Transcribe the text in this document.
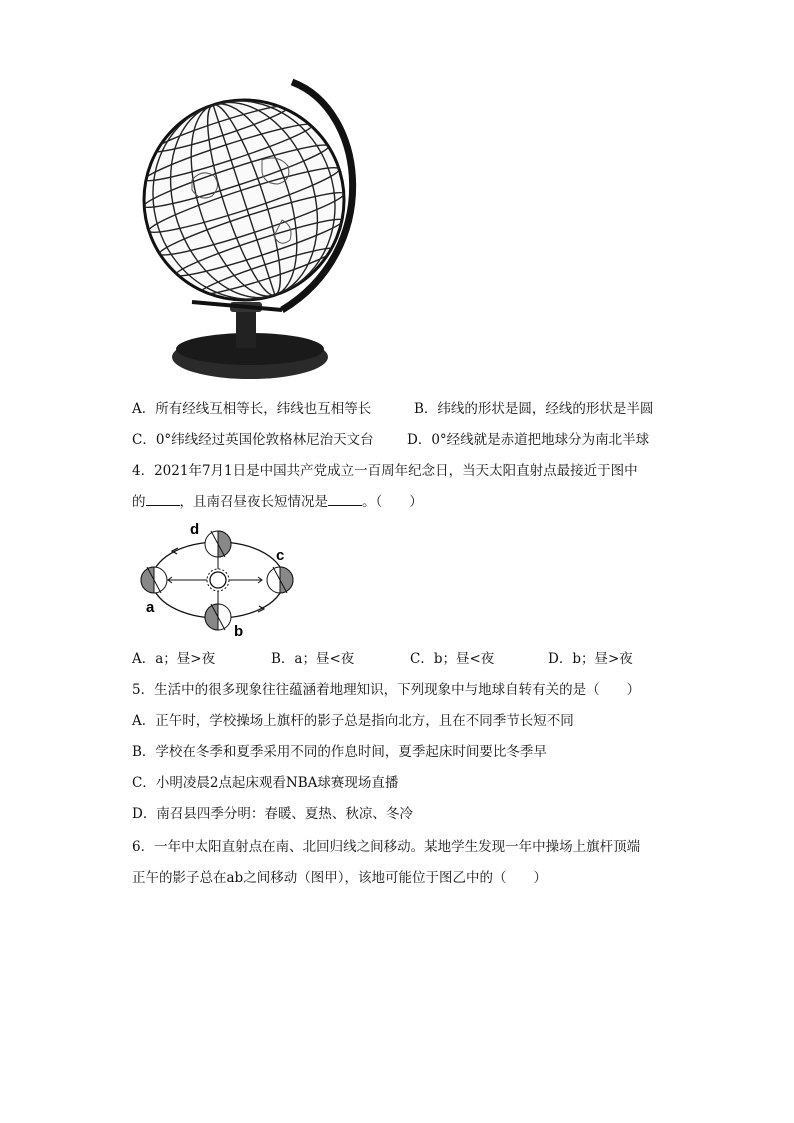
A．所有经线互相等长，纬线也互相等长	B．纬线的形状是圆，经线的形状是半圆
C．0°纬线经过英国伦敦格林尼治天文台 D．0°经线就是赤道把地球分为南北半球
4．2021年7月1日是中国共产党成立一百周年纪念日，当天太阳直射点最接近于图中
的	，且南召昼夜长短情况是	。（　　）
d
c
a
b
A．a；昼>夜	B．a；昼<夜	C．b；昼<夜	D．b；昼>夜
5．生活中的很多现象往往蕴涵着地理知识，下列现象中与地球自转有关的是（　　）
A．正午时，学校操场上旗杆的影子总是指向北方，且在不同季节长短不同
B．学校在冬季和夏季采用不同的作息时间，夏季起床时间要比冬季早
C．小明凌晨2点起床观看NBA球赛现场直播
D．南召县四季分明：春暖、夏热、秋凉、冬冷
6．一年中太阳直射点在南、北回归线之间移动。某地学生发现一年中操场上旗杆顶端
正午的影子总在ab之间移动（图甲），该地可能位于图乙中的（　　）
